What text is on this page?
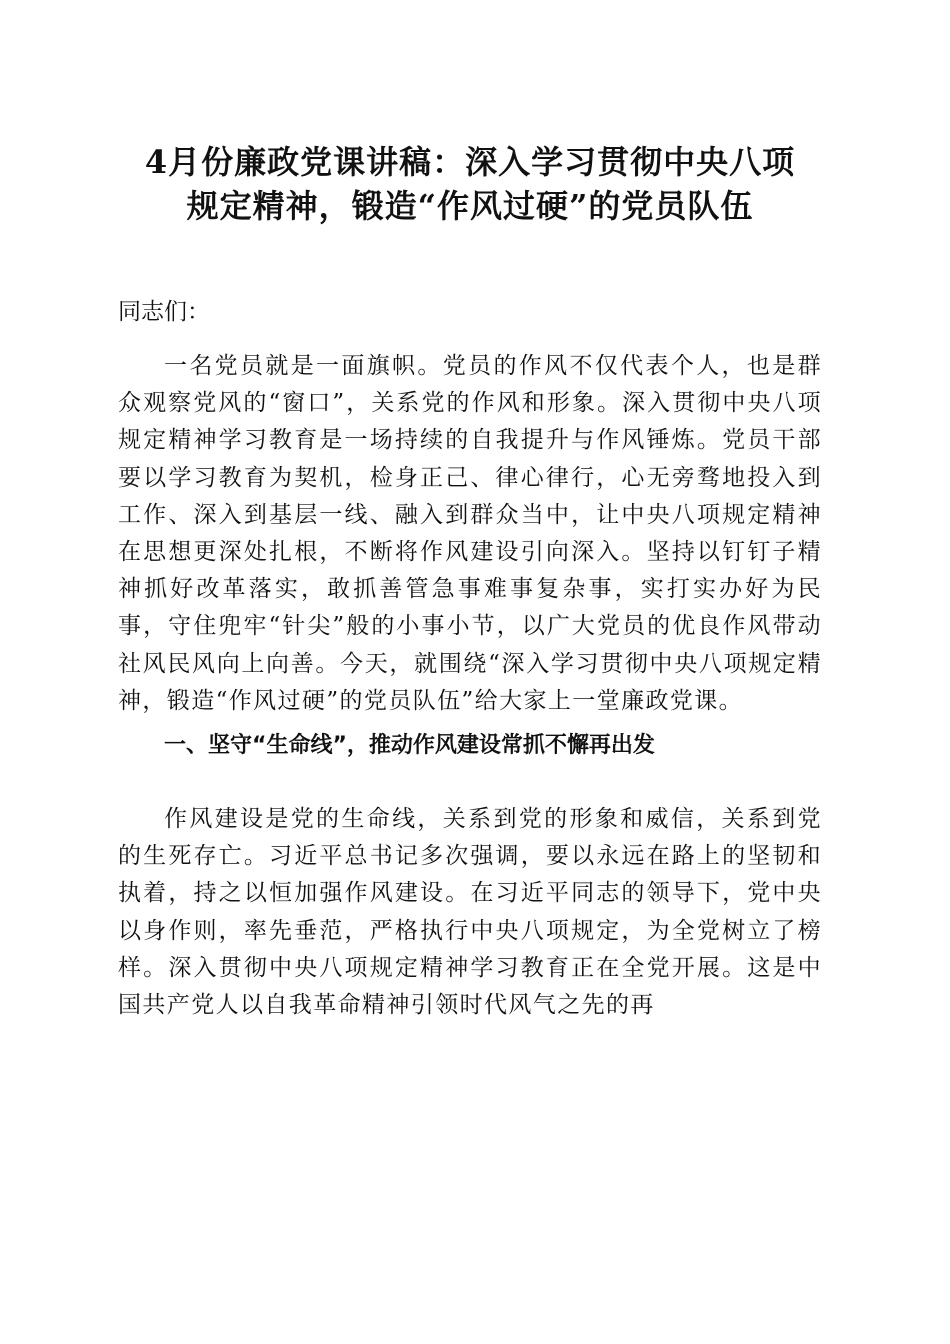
4月份廉政党课讲稿：深入学习贯彻中央八项
规定精神，锻造“作风过硬”的党员队伍

同志们：

一名党员就是一面旗帜。党员的作风不仅代表个人，也是群众观察党风的“窗口”，关系党的作风和形象。深入贯彻中央八项规定精神学习教育是一场持续的自我提升与作风锤炼。党员干部要以学习教育为契机，检身正己、律心律行，心无旁骛地投入到工作、深入到基层一线、融入到群众当中，让中央八项规定精神在思想更深处扎根，不断将作风建设引向深入。坚持以钉钉子精神抓好改革落实，敢抓善管急事难事复杂事，实打实办好为民事，守住兜牢“针尖”般的小事小节，以广大党员的优良作风带动社风民风向上向善。今天，就围绕“深入学习贯彻中央八项规定精神，锻造“作风过硬”的党员队伍”给大家上一堂廉政党课。

一、坚守“生命线”，推动作风建设常抓不懈再出发

作风建设是党的生命线，关系到党的形象和威信，关系到党的生死存亡。习近平总书记多次强调，要以永远在路上的坚韧和执着，持之以恒加强作风建设。在习近平同志的领导下，党中央以身作则，率先垂范，严格执行中央八项规定，为全党树立了榜样。深入贯彻中央八项规定精神学习教育正在全党开展。这是中国共产党人以自我革命精神引领时代风气之先的再
